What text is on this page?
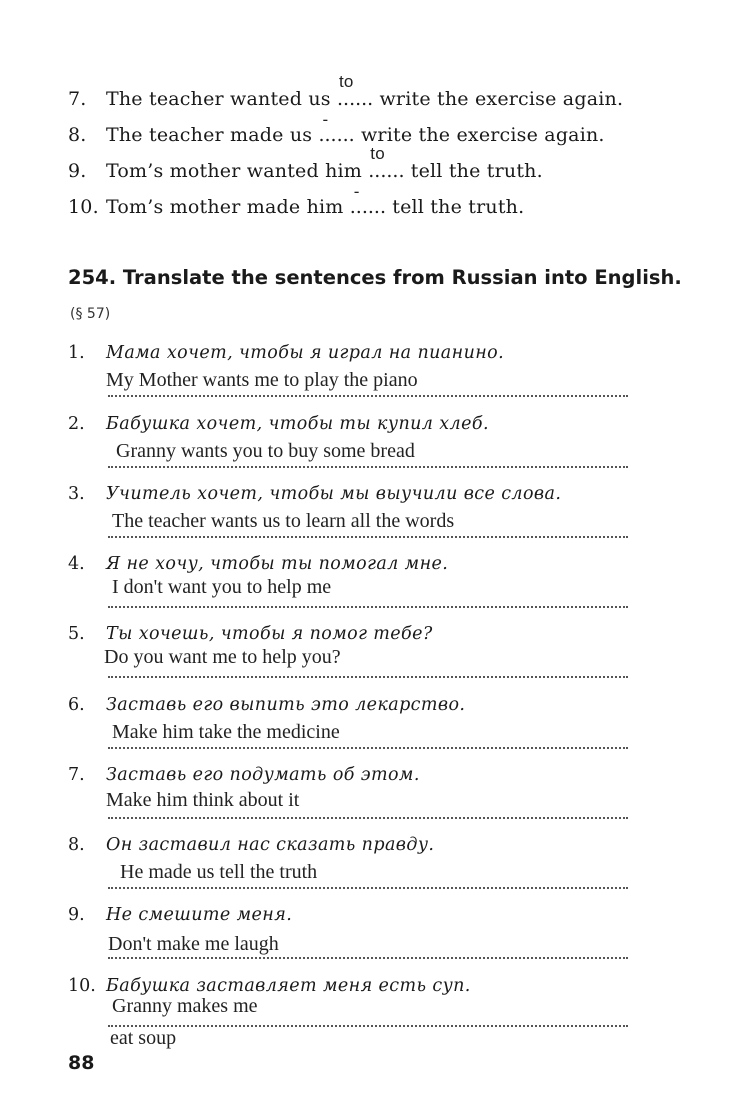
7. The teacher wanted us
to
...... write the exercise again.
8. The teacher made us
-
...... write the exercise again.
9. Tom’s mother wanted him
to
...... tell the truth.
10. Tom’s mother made him
-
...... tell the truth.
254. Translate the sentences from Russian into English.
(§ 57)
1. Мама хочет, чтобы я играл на пианино.
My Mother wants me to play the piano
2. Бабушка хочет, чтобы ты купил хлеб.
Granny wants you to buy some bread
3. Учитель хочет, чтобы мы выучили все слова.
The teacher wants us to learn all the words
4. Я не хочу, чтобы ты помогал мне.
I don't want you to help me
5. Ты хочешь, чтобы я помог тебе?
Do you want me to help you?
6. Заставь его выпить это лекарство.
Make him take the medicine
7. Заставь его подумать об этом.
Make him think about it
8. Он заставил нас сказать правду.
He made us tell the truth
9. Не смешите меня.
Don't make me laugh
10. Бабушка заставляет меня есть суп.
Granny makes me
eat soup
88
